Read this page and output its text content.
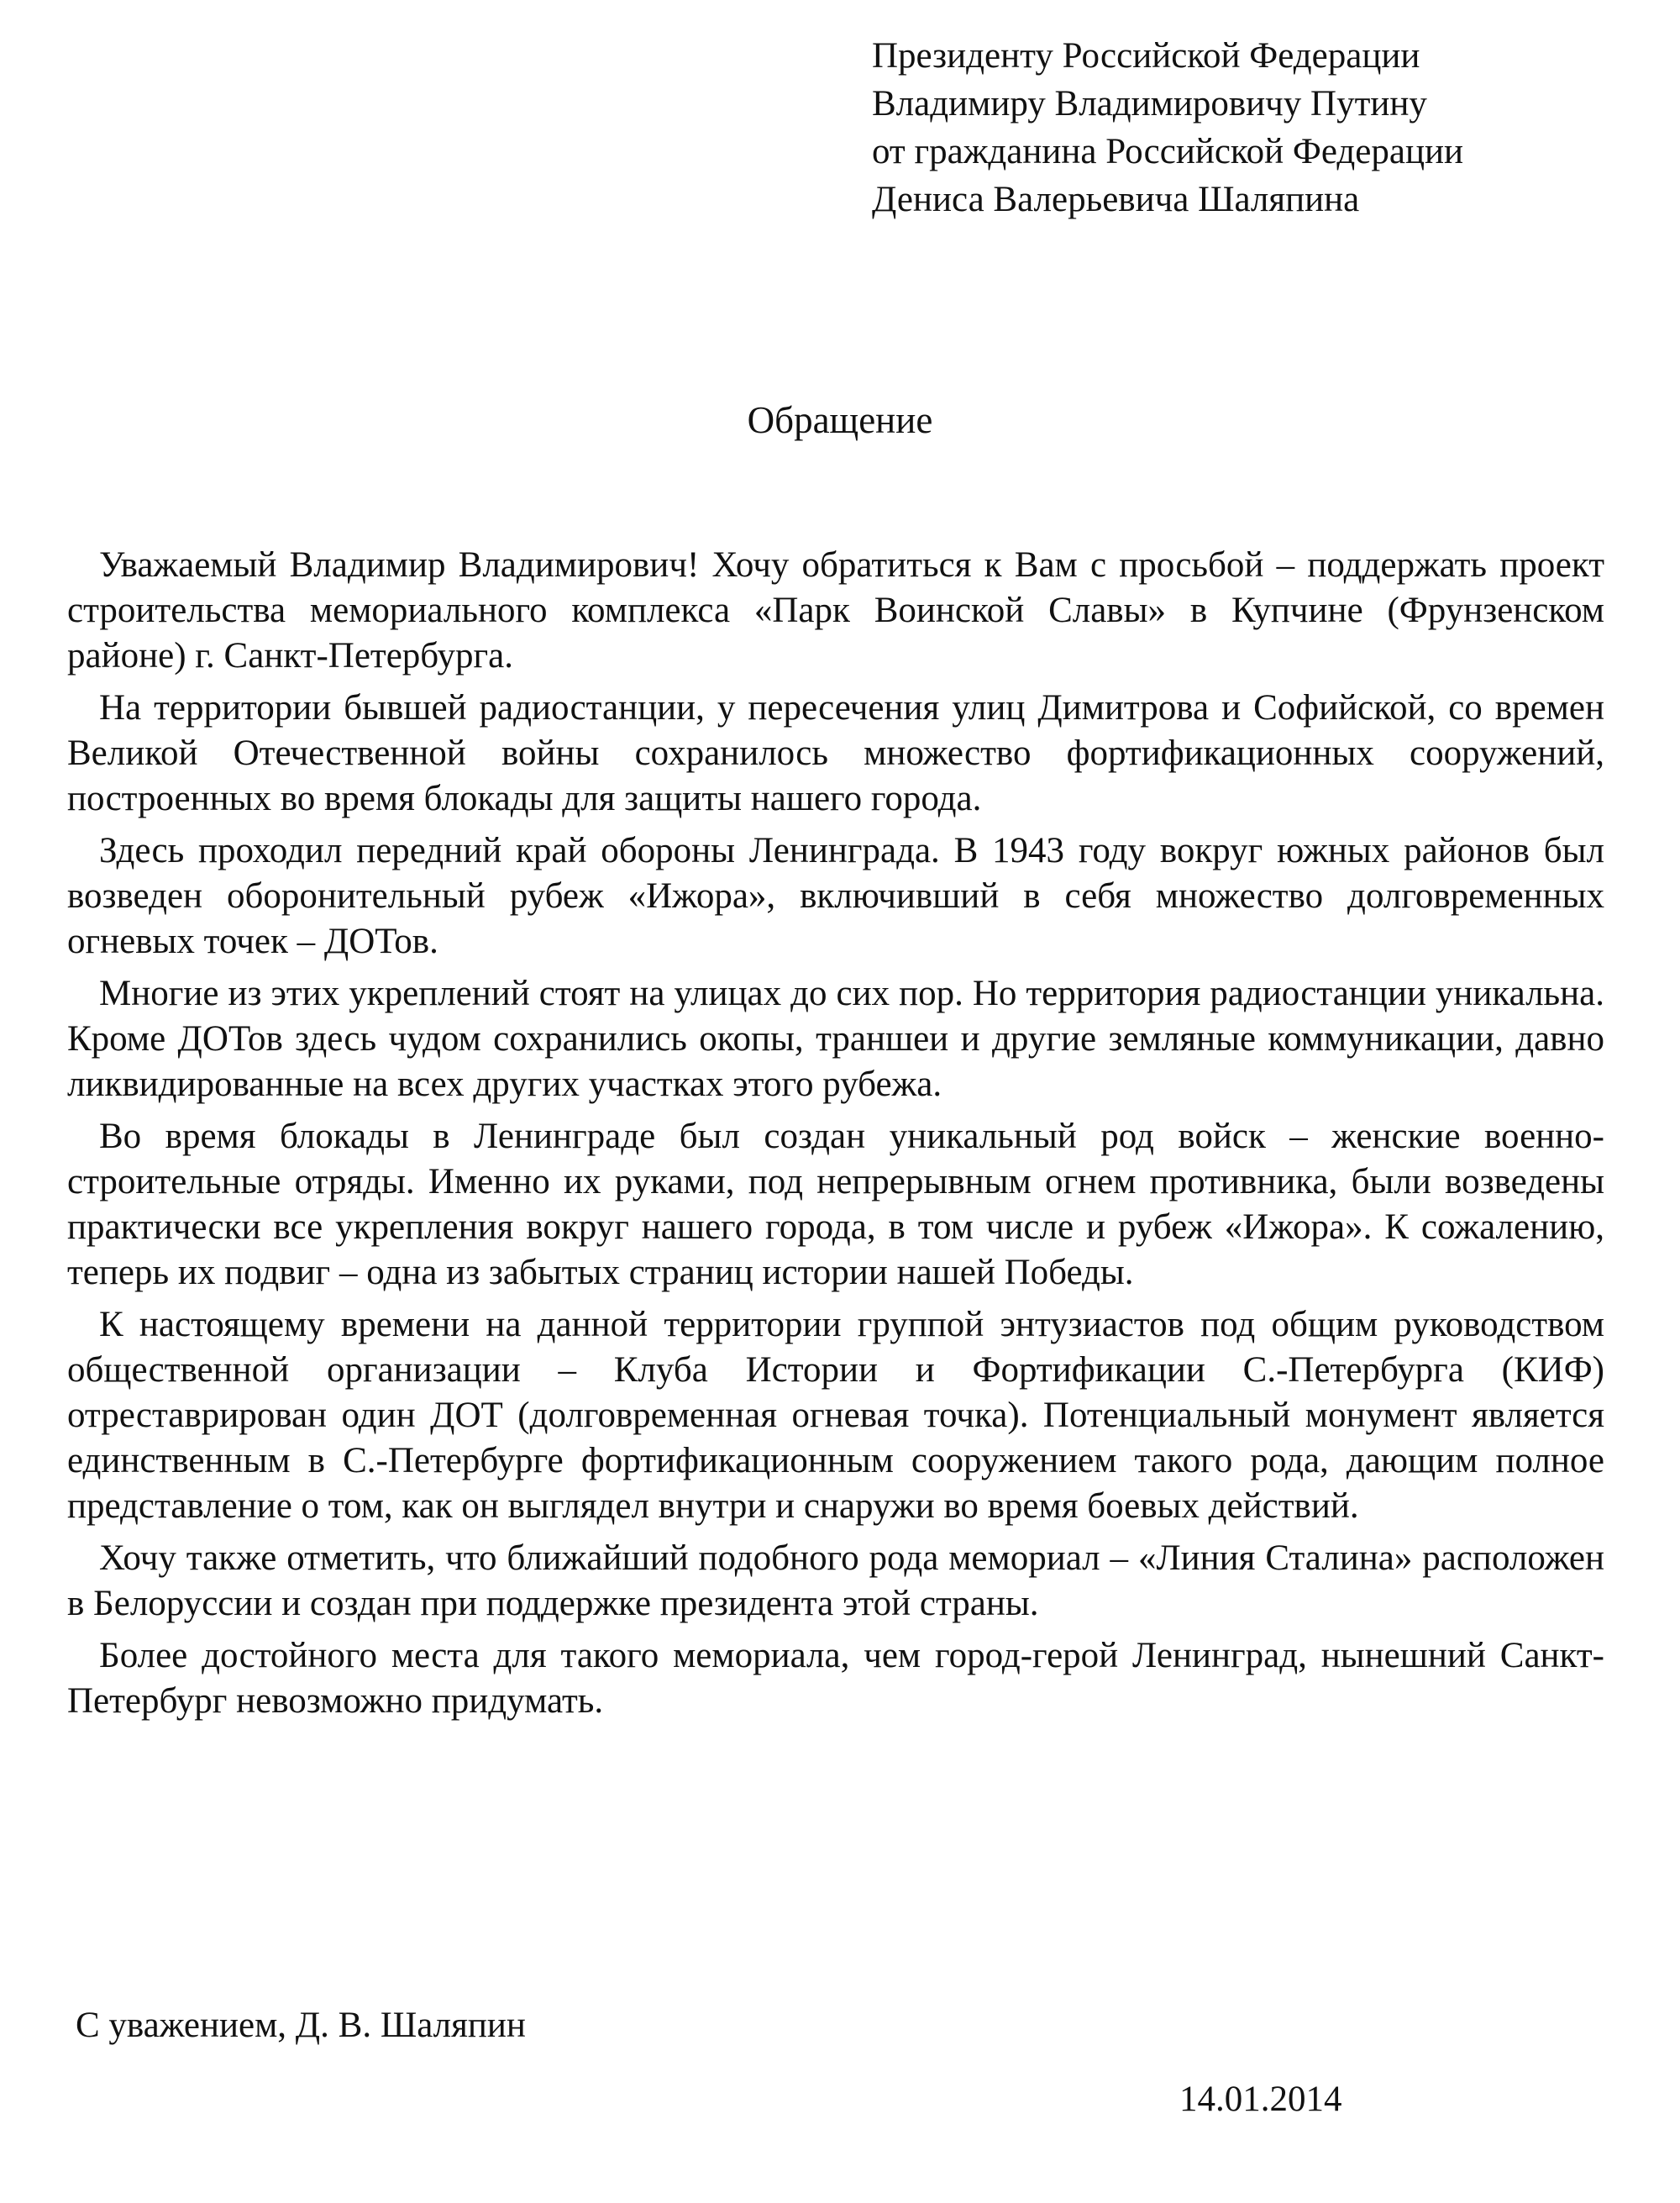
Президенту Российской Федерации
Владимиру Владимировичу Путину
от гражданина Российской Федерации
Дениса Валерьевича Шаляпина
Обращение

Уважаемый Владимир Владимирович! Хочу обратиться к Вам с просьбой – поддержать проект строительства мемориального комплекса «Парк Воинской Славы» в Купчине (Фрунзенском районе) г. Санкт-Петербурга.

На территории бывшей радиостанции, у пересечения улиц Димитрова и Софийской, со времен Великой Отечественной войны сохранилось множество фортификационных сооружений, построенных во время блокады для защиты нашего города.

Здесь проходил передний край обороны Ленинграда. В 1943 году вокруг южных районов был возведен оборонительный рубеж «Ижора», включивший в себя множество долговременных огневых точек – ДОТов.

Многие из этих укреплений стоят на улицах до сих пор. Но территория радиостанции уникальна. Кроме ДОТов здесь чудом сохранились окопы, траншеи и другие земляные коммуникации, давно ликвидированные на всех других участках этого рубежа.

Во время блокады в Ленинграде был создан уникальный род войск – женские военно-строительные отряды. Именно их руками, под непрерывным огнем противника, были возведены практически все укрепления вокруг нашего города, в том числе и рубеж «Ижора». К сожалению, теперь их подвиг – одна из забытых страниц истории нашей Победы.

К настоящему времени на данной территории группой энтузиастов под общим руководством общественной организации – Клуба Истории и Фортификации С.-Петербурга (КИФ) отреставрирован один ДОТ (долговременная огневая точка). Потенциальный монумент является единственным в С.-Петербурге фортификационным сооружением такого рода, дающим полное представление о том, как он выглядел внутри и снаружи во время боевых действий.

Хочу также отметить, что ближайший подобного рода мемориал – «Линия Сталина» расположен в Белоруссии и создан при поддержке президента этой страны.

Более достойного места для такого мемориала, чем город-герой Ленинград, нынешний Санкт-Петербург невозможно придумать.

С уважением, Д. В. Шаляпин
14.01.2014
